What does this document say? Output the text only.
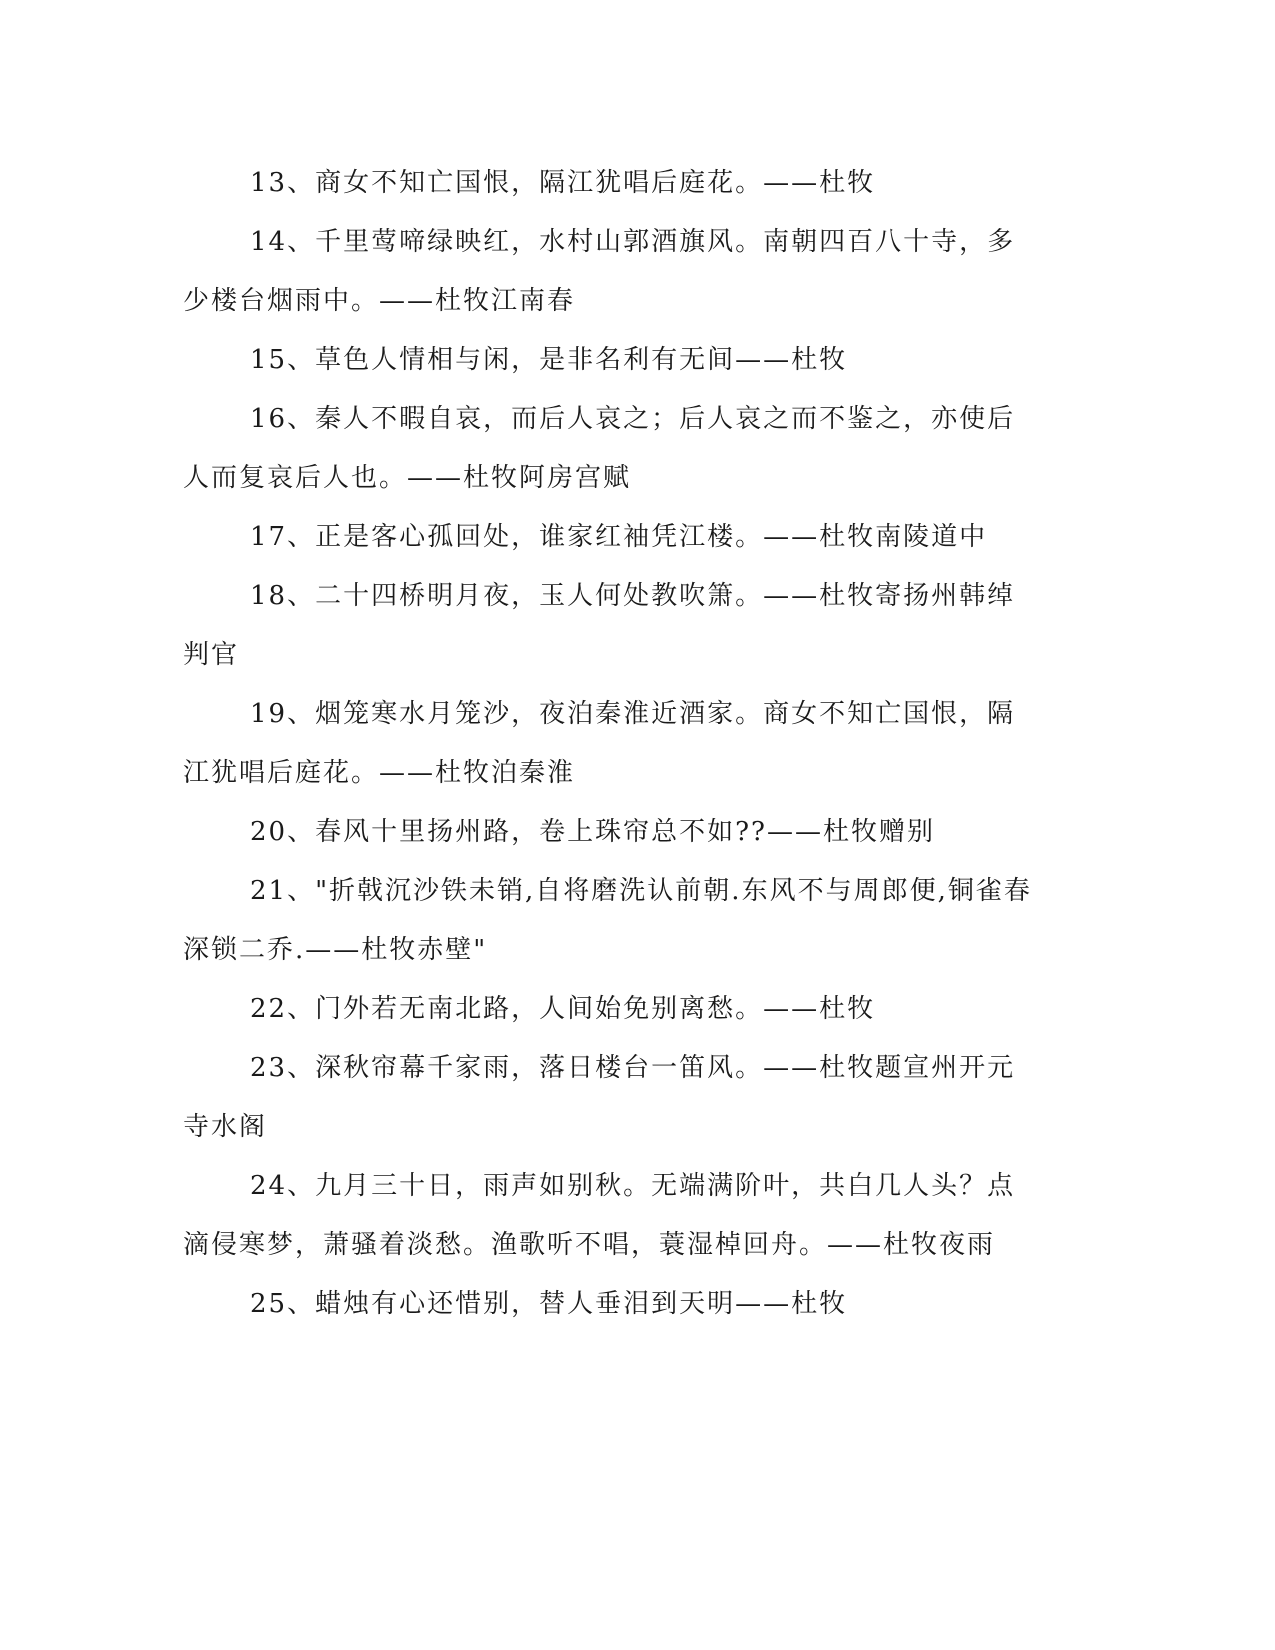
13、商女不知亡国恨，隔江犹唱后庭花。——杜牧

14、千里莺啼绿映红，水村山郭酒旗风。南朝四百八十寺，多少楼台烟雨中。——杜牧江南春

15、草色人情相与闲，是非名利有无间——杜牧

16、秦人不暇自哀，而后人哀之；后人哀之而不鉴之，亦使后人而复哀后人也。——杜牧阿房宫赋

17、正是客心孤回处，谁家红袖凭江楼。——杜牧南陵道中

18、二十四桥明月夜，玉人何处教吹箫。——杜牧寄扬州韩绰判官

19、烟笼寒水月笼沙，夜泊秦淮近酒家。商女不知亡国恨，隔江犹唱后庭花。——杜牧泊秦淮

20、春风十里扬州路，卷上珠帘总不如??——杜牧赠别

21、"折戟沉沙铁未销,自将磨洗认前朝.东风不与周郎便,铜雀春深锁二乔.——杜牧赤壁"

22、门外若无南北路，人间始免别离愁。——杜牧

23、深秋帘幕千家雨，落日楼台一笛风。——杜牧题宣州开元寺水阁

24、九月三十日，雨声如别秋。无端满阶叶，共白几人头？点滴侵寒梦，萧骚着淡愁。渔歌听不唱，蓑湿棹回舟。——杜牧夜雨

25、蜡烛有心还惜别，替人垂泪到天明——杜牧
